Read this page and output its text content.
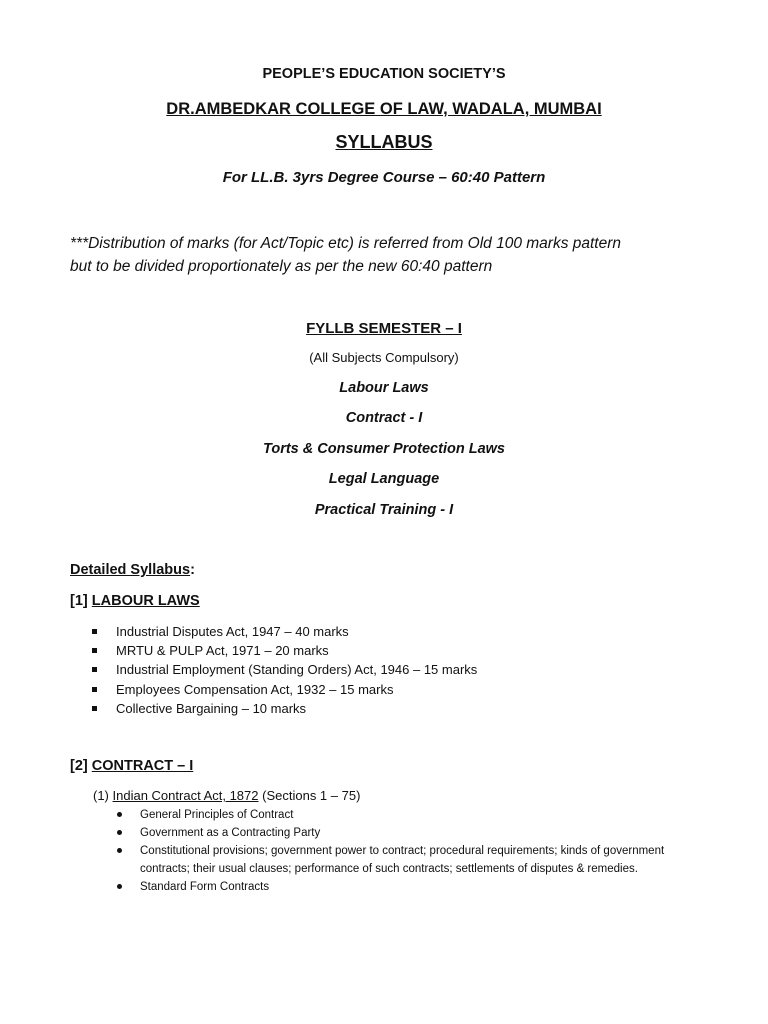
PEOPLE’S EDUCATION SOCIETY’S
DR.AMBEDKAR COLLEGE OF LAW, WADALA, MUMBAI
SYLLABUS
For LL.B. 3yrs Degree Course – 60:40 Pattern
***Distribution of marks (for Act/Topic etc) is referred from Old 100 marks pattern
but to be divided proportionately as per the new 60:40 pattern
FYLLB SEMESTER – I
(All Subjects Compulsory)
Labour Laws
Contract - I
Torts & Consumer Protection Laws
Legal Language
Practical Training - I
Detailed Syllabus:
[1] LABOUR LAWS
Industrial Disputes Act, 1947 – 40 marks
MRTU & PULP Act, 1971 – 20 marks
Industrial Employment (Standing Orders) Act, 1946 – 15 marks
Employees Compensation Act, 1932 – 15 marks
Collective Bargaining – 10 marks
[2] CONTRACT – I
(1) Indian Contract Act, 1872 (Sections 1 – 75)
General Principles of Contract
Government as a Contracting Party
Constitutional provisions; government power to contract; procedural requirements; kinds of government contracts; their usual clauses; performance of such contracts; settlements of disputes & remedies.
Standard Form Contracts
